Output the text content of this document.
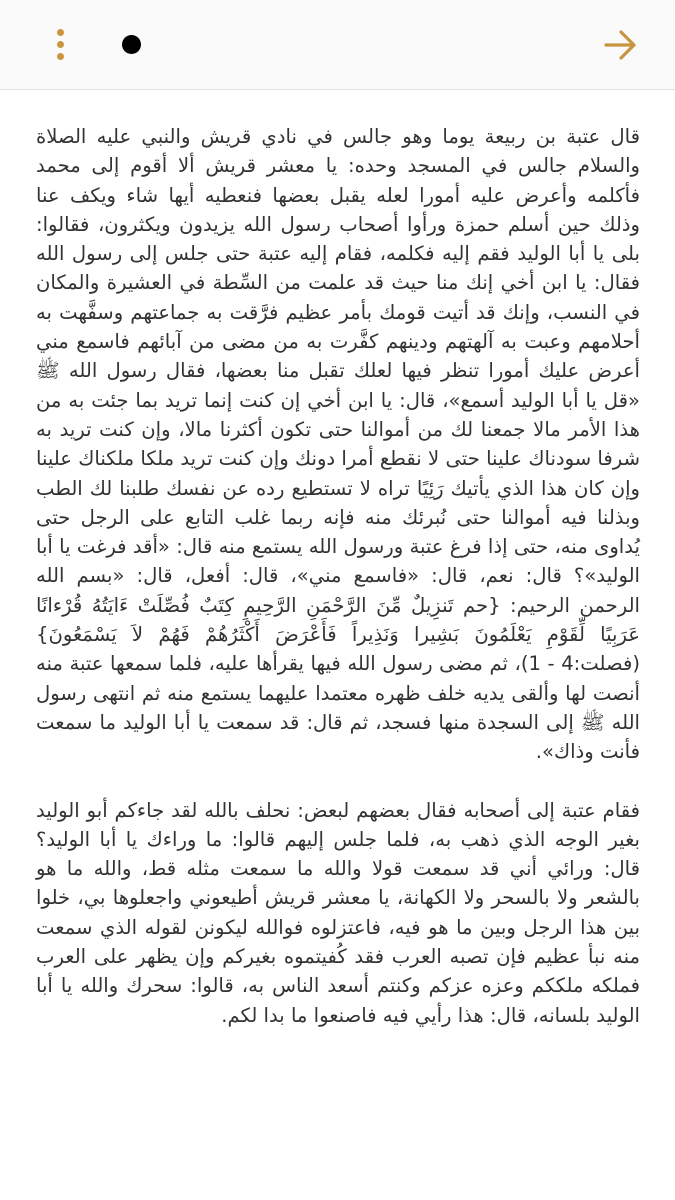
قال عتبة بن ربيعة يوما وهو جالس في نادي قريش والنبي عليه الصلاة والسلام جالس في المسجد وحده: يا معشر قريش ألا أقوم إلى محمد فأكلمه وأعرض عليه أمورا لعله يقبل بعضها فنعطيه أيها شاء ويكف عنا وذلك حين أسلم حمزة ورأوا أصحاب رسول الله يزيدون ويكثرون، فقالوا: بلى يا أبا الوليد فقم إليه فكلمه، فقام إليه عتبة حتى جلس إلى رسول الله فقال: يا ابن أخي إنك منا حيث قد علمت من السِّطة في العشيرة والمكان في النسب، وإنك قد أتيت قومك بأمر عظيم فرَّقت به جماعتهم وسفَّهت به أحلامهم وعبت به آلهتهم ودينهم كفَّرت به من مضى من آبائهم فاسمع مني أعرض عليك أمورا تنظر فيها لعلك تقبل منا بعضها، فقال رسول الله ﷺ «قل يا أبا الوليد أسمع»، قال: يا ابن أخي إن كنت إنما تريد بما جئت به من هذا الأمر مالا جمعنا لك من أموالنا حتى تكون أكثرنا مالا، وإن كنت تريد به شرفا سودناك علينا حتى لا نقطع أمرا دونك وإن كنت تريد ملكا ملكناك علينا وإن كان هذا الذي يأتيك رَئِيًا تراه لا تستطيع رده عن نفسك طلبنا لك الطب وبذلنا فيه أموالنا حتى نُبرئك منه فإنه ربما غلب التابع على الرجل حتى يُداوى منه، حتى إذا فرغ عتبة ورسول الله يستمع منه قال: «أقد فرغت يا أبا الوليد»؟ قال: نعم، قال: «فاسمع مني»، قال: أفعل، قال: «بسم الله الرحمن الرحيم: {حم تَنزِيلٌ مِّنَ الرَّحْمَنِ الرَّحِيمِ كِتَبٌ فُصِّلَتْ ءَايَتُهُ قُرْءانًا عَرَبِيًا لِّقَوْمِ يَعْلَمُونَ بَشِيرا وَنَذِيراً فَأَعْرَضَ أَكْثَرُهُمْ فَهُمْ لاَ يَسْمَعُونَ} (فصلت:4 - 1)، ثم مضى رسول الله فيها يقرأها عليه، فلما سمعها عتبة منه أنصت لها وألقى يديه خلف ظهره معتمدا عليهما يستمع منه ثم انتهى رسول الله ﷺ إلى السجدة منها فسجد، ثم قال: قد سمعت يا أبا الوليد ما سمعت فأنت وذاك».

فقام عتبة إلى أصحابه فقال بعضهم لبعض: نحلف بالله لقد جاءكم أبو الوليد بغير الوجه الذي ذهب به، فلما جلس إليهم قالوا: ما وراءك يا أبا الوليد؟ قال: ورائي أني قد سمعت قولا والله ما سمعت مثله قط، والله ما هو بالشعر ولا بالسحر ولا الكهانة، يا معشر قريش أطيعوني واجعلوها بي، خلوا بين هذا الرجل وبين ما هو فيه، فاعتزلوه فوالله ليكونن لقوله الذي سمعت منه نبأ عظيم فإن تصبه العرب فقد كُفيتموه بغيركم وإن يظهر على العرب فملكه ملككم وعزه عزكم وكنتم أسعد الناس به، قالوا: سحرك والله يا أبا الوليد بلسانه، قال: هذا رأيي فيه فاصنعوا ما بدا لكم.
